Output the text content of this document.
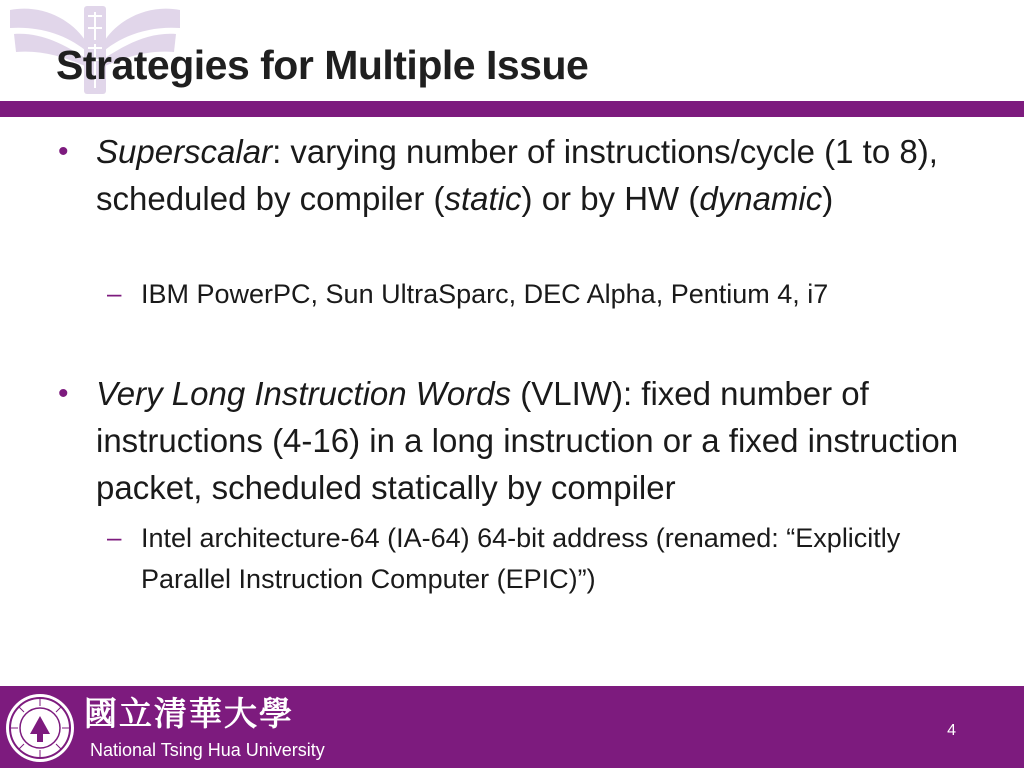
Strategies for Multiple Issue
• Superscalar: varying number of instructions/cycle (1 to 8), scheduled by compiler (static) or by HW (dynamic)
– IBM PowerPC, Sun UltraSparc, DEC Alpha, Pentium 4, i7
• Very Long Instruction Words (VLIW): fixed number of instructions (4-16) in a long instruction or a fixed instruction packet, scheduled statically by compiler
– Intel architecture-64 (IA-64) 64-bit address (renamed: “Explicitly Parallel Instruction Computer (EPIC)”)

國立清華大學

National Tsing Hua University

4
